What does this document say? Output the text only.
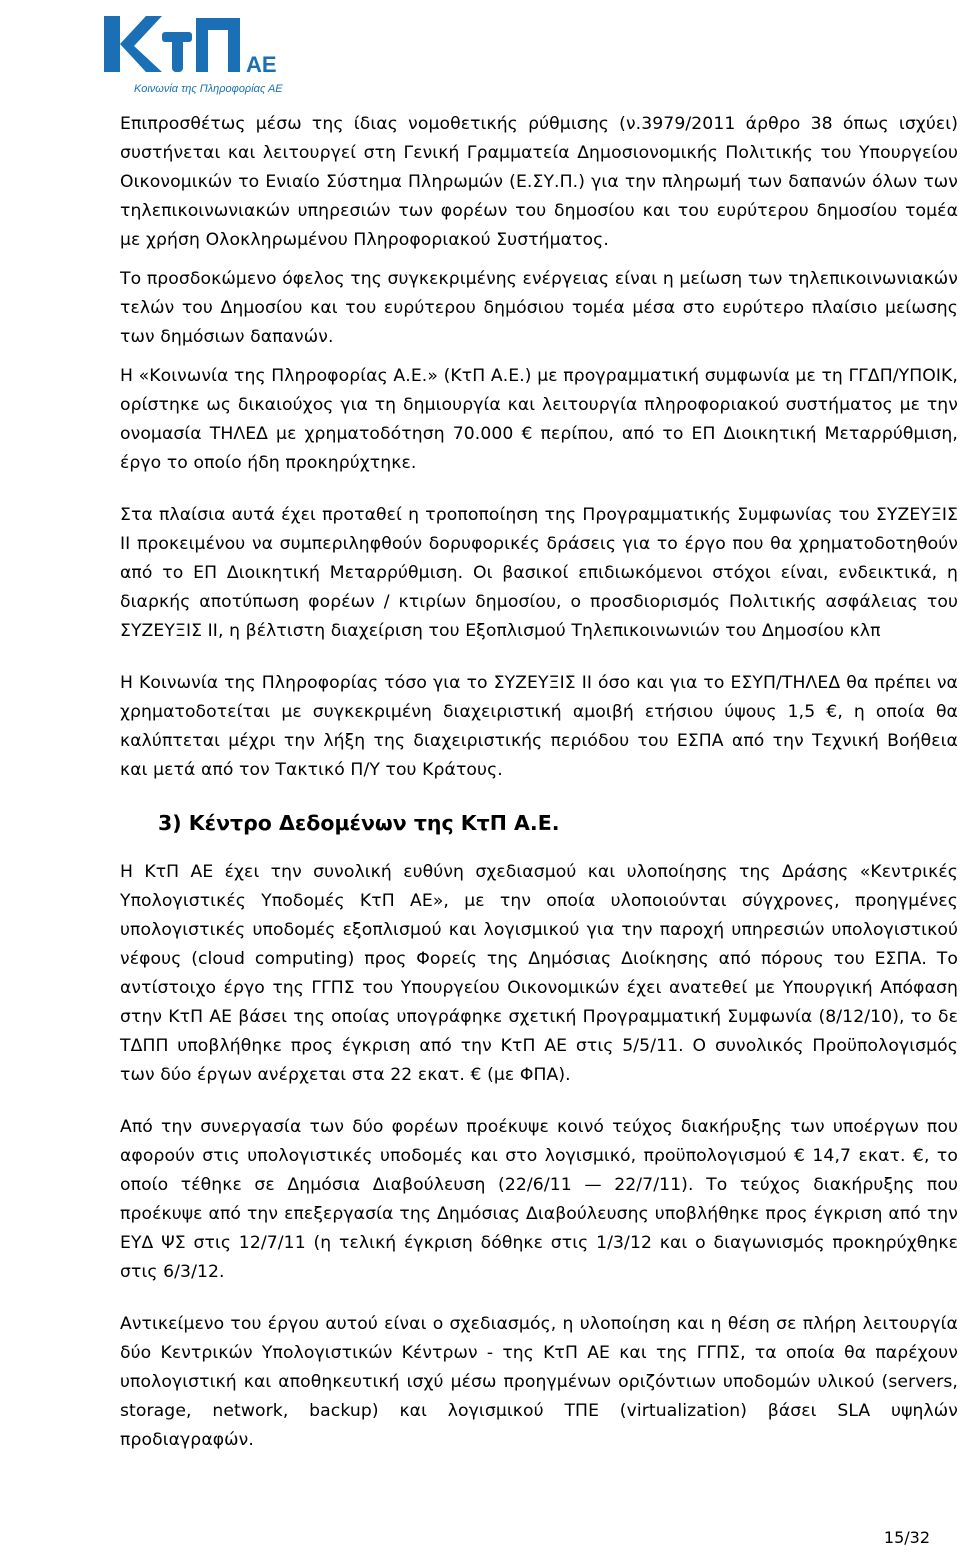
ΑΕ
Κοινωνία της Πληροφορίας ΑΕ

Επιπροσθέτως μέσω της ίδιας νομοθετικής ρύθμισης (ν.3979/2011 άρθρο 38 όπως ισχύει) συστήνεται και λειτουργεί στη Γενική Γραμματεία Δημοσιονομικής Πολιτικής του Υπουργείου Οικονομικών το Ενιαίο Σύστημα Πληρωμών (Ε.ΣΥ.Π.) για την πληρωμή των δαπανών όλων των τηλεπικοινωνιακών υπηρεσιών των φορέων του δημοσίου και του ευρύτερου δημοσίου τομέα με χρήση Ολοκληρωμένου Πληροφοριακού Συστήματος.

Το προσδοκώμενο όφελος της συγκεκριμένης ενέργειας είναι η μείωση των τηλεπικοινωνιακών τελών του Δημοσίου και του ευρύτερου δημόσιου τομέα μέσα στο ευρύτερο πλαίσιο μείωσης των δημόσιων δαπανών.

Η «Κοινωνία της Πληροφορίας Α.Ε.» (ΚτΠ Α.Ε.) με προγραμματική συμφωνία με τη ΓΓΔΠ/ΥΠΟΙΚ, ορίστηκε ως δικαιούχος για τη δημιουργία και λειτουργία πληροφοριακού συστήματος με την ονομασία ΤΗΛΕΔ με χρηματοδότηση 70.000 € περίπου, από το ΕΠ Διοικητική Μεταρρύθμιση, έργο το οποίο ήδη προκηρύχτηκε.

Στα πλαίσια αυτά έχει προταθεί η τροποποίηση της Προγραμματικής Συμφωνίας του ΣΥΖΕΥΞΙΣ ΙΙ προκειμένου να συμπεριληφθούν δορυφορικές δράσεις για το έργο που θα χρηματοδοτηθούν από το ΕΠ Διοικητική Μεταρρύθμιση. Οι βασικοί επιδιωκόμενοι στόχοι είναι, ενδεικτικά, η διαρκής αποτύπωση φορέων / κτιρίων δημοσίου, ο προσδιορισμός Πολιτικής ασφάλειας του ΣΥΖΕΥΞΙΣ ΙΙ, η βέλτιστη διαχείριση του Εξοπλισμού Τηλεπικοινωνιών του Δημοσίου κλπ

Η Κοινωνία της Πληροφορίας τόσο για το ΣΥΖΕΥΞΙΣ ΙΙ όσο και για το ΕΣΥΠ/ΤΗΛΕΔ θα πρέπει να χρηματοδοτείται με συγκεκριμένη διαχειριστική αμοιβή ετήσιου ύψους 1,5 €, η οποία θα καλύπτεται μέχρι την λήξη της διαχειριστικής περιόδου του ΕΣΠΑ από την Τεχνική Βοήθεια και μετά από τον Τακτικό Π/Υ του Κράτους.

3) Κέντρο Δεδομένων της ΚτΠ Α.Ε.

Η ΚτΠ ΑΕ έχει την συνολική ευθύνη σχεδιασμού και υλοποίησης της Δράσης «Κεντρικές Υπολογιστικές Υποδομές ΚτΠ ΑΕ», με την οποία υλοποιούνται σύγχρονες, προηγμένες υπολογιστικές υποδομές εξοπλισμού και λογισμικού για την παροχή υπηρεσιών υπολογιστικού νέφους (cloud computing) προς Φορείς της Δημόσιας Διοίκησης από πόρους του ΕΣΠΑ. Το αντίστοιχο έργο της ΓΓΠΣ του Υπουργείου Οικονομικών έχει ανατεθεί με Υπουργική Απόφαση στην ΚτΠ ΑΕ βάσει της οποίας υπογράφηκε σχετική Προγραμματική Συμφωνία (8/12/10), το δε ΤΔΠΠ υποβλήθηκε προς έγκριση από την ΚτΠ ΑΕ στις 5/5/11. Ο συνολικός Προϋπολογισμός των δύο έργων ανέρχεται στα 22 εκατ. € (με ΦΠΑ).

Από την συνεργασία των δύο φορέων προέκυψε κοινό τεύχος διακήρυξης των υποέργων που αφορούν στις υπολογιστικές υποδομές και στο λογισμικό, προϋπολογισμού € 14,7 εκατ. €, το οποίο τέθηκε σε Δημόσια Διαβούλευση (22/6/11 — 22/7/11). Το τεύχος διακήρυξης που προέκυψε από την επεξεργασία της Δημόσιας Διαβούλευσης υποβλήθηκε προς έγκριση από την ΕΥΔ ΨΣ στις 12/7/11 (η τελική έγκριση δόθηκε στις 1/3/12 και ο διαγωνισμός προκηρύχθηκε στις 6/3/12.

Αντικείμενο του έργου αυτού είναι ο σχεδιασμός, η υλοποίηση και η θέση σε πλήρη λειτουργία δύο Κεντρικών Υπολογιστικών Κέντρων - της ΚτΠ ΑΕ και της ΓΓΠΣ, τα οποία θα παρέχουν υπολογιστική και αποθηκευτική ισχύ μέσω προηγμένων οριζόντιων υποδομών υλικού (servers, storage, network, backup) και λογισμικού ΤΠΕ (virtualization) βάσει SLA υψηλών προδιαγραφών.

15/32
